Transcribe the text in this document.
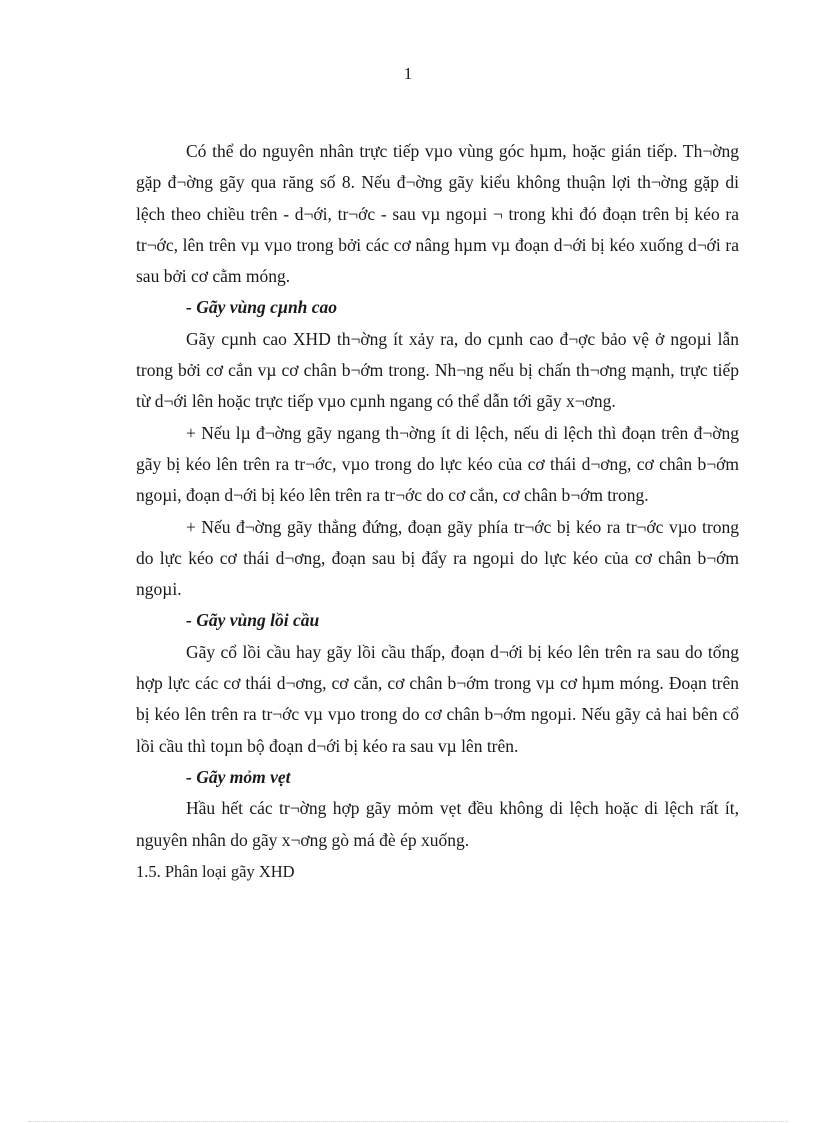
1

Có thể do nguyên nhân trực tiếp vµo vùng góc hµm, hoặc gián tiếp. Th¬ờng gặp đ¬ờng gãy qua răng số 8. Nếu đ¬ờng gãy kiểu không thuận lợi th¬ờng gặp di lệch theo chiều trên - d¬ới, tr¬ớc - sau vµ ngoµi ¬ trong khi đó đoạn trên bị kéo ra tr¬ớc, lên trên vµ vµo trong bởi các cơ nâng hµm vµ đoạn d¬ới bị kéo xuống d¬ới ra sau bởi cơ cằm móng.

- Gãy vùng cµnh cao

Gãy cµnh cao XHD th¬ờng ít xảy ra, do cµnh cao đ¬ợc bảo vệ ở ngoµi lẫn trong bởi cơ cắn vµ cơ chân b¬ớm trong. Nh¬ng nếu bị chấn th¬ơng mạnh, trực tiếp từ d¬ới lên hoặc trực tiếp vµo cµnh ngang có thể dẫn tới gãy x¬ơng.

+ Nếu lµ đ¬ờng gãy ngang th¬ờng ít di lệch, nếu di lệch thì đoạn trên đ¬ờng gãy bị kéo lên trên ra tr¬ớc, vµo trong do lực kéo của cơ thái d¬ơng, cơ chân b¬ớm ngoµi, đoạn d¬ới bị kéo lên trên ra tr¬ớc do cơ cắn, cơ chân b¬ớm trong.

+ Nếu đ¬ờng gãy thẳng đứng, đoạn gãy phía tr¬ớc bị kéo ra tr¬ớc vµo trong do lực kéo cơ thái d¬ơng, đoạn sau bị đẩy ra ngoµi do lực kéo của cơ chân b¬ớm ngoµi.

- Gãy vùng lồi cầu

Gãy cổ lồi cầu hay gãy lồi cầu thấp, đoạn d¬ới bị kéo lên trên ra sau do tổng hợp lực các cơ thái d¬ơng, cơ cắn, cơ chân b¬ớm trong vµ cơ hµm móng. Đoạn trên bị kéo lên trên ra tr¬ớc vµ vµo trong do cơ chân b¬ớm ngoµi. Nếu gãy cả hai bên cổ lồi cầu thì toµn bộ đoạn d¬ới bị kéo ra sau vµ lên trên.

- Gãy mỏm vẹt

Hầu hết các tr¬ờng hợp gãy mỏm vẹt đều không di lệch hoặc di lệch rất ít, nguyên nhân do gãy x¬ơng gò má đè ép xuống.

1.5. Phân loại gãy XHD
